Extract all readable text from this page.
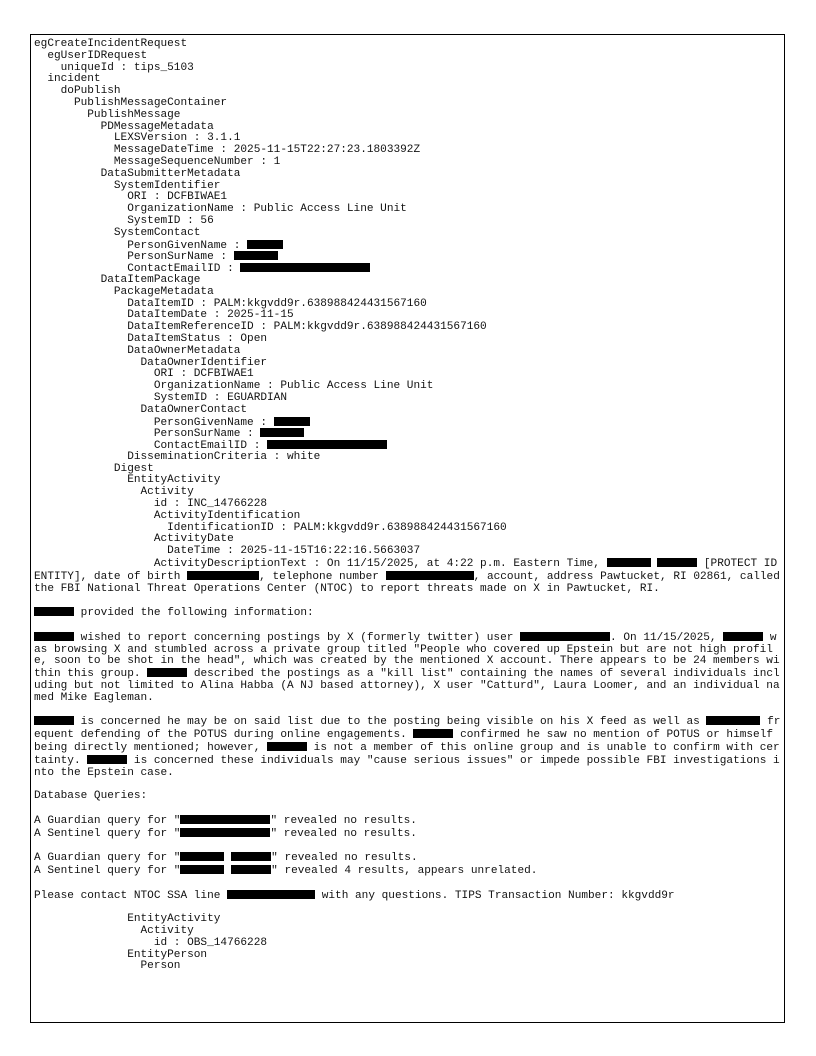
egCreateIncidentRequest
egUserIDRequest
uniqueId : tips_5103
incident
doPublish
PublishMessageContainer
PublishMessage
PDMessageMetadata
LEXSVersion : 3.1.1
MessageDateTime : 2025-11-15T22:27:23.1803392Z
MessageSequenceNumber : 1
DataSubmitterMetadata
SystemIdentifier
ORI : DCFBIWAE1
OrganizationName : Public Access Line Unit
SystemID : 56
SystemContact
PersonGivenName :
PersonSurName :
ContactEmailID :
DataItemPackage
PackageMetadata
DataItemID : PALM:kkgvdd9r.638988424431567160
DataItemDate : 2025-11-15
DataItemReferenceID : PALM:kkgvdd9r.638988424431567160
DataItemStatus : Open
DataOwnerMetadata
DataOwnerIdentifier
ORI : DCFBIWAE1
OrganizationName : Public Access Line Unit
SystemID : EGUARDIAN
DataOwnerContact
PersonGivenName :
PersonSurName :
ContactEmailID :
DisseminationCriteria : white
Digest
EntityActivity
Activity
id : INC_14766228
ActivityIdentification
IdentificationID : PALM:kkgvdd9r.638988424431567160
ActivityDate
DateTime : 2025-11-15T16:22:16.5663037
ActivityDescriptionText : On 11/15/2025, at 4:22 p.m. Eastern Time,	[PROTECT IDENTITY], date of birth	, telephone number	, account, address Pawtucket, RI 02861, called the FBI National Threat Operations Center (NTOC) to report threats made on X in Pawtucket, RI.
provided the following information:
wished to report concerning postings by X (formerly twitter) user	. On 11/15/2025,	was browsing X and stumbled across a private group titled "People who covered up Epstein but are not high profile, soon to be shot in the head", which was created by the mentioned X account. There appears to be 24 members within this group.	described the postings as a "kill list" containing the names of several individuals including but not limited to Alina Habba (A NJ based attorney), X user "Catturd", Laura Loomer, and an individual named Mike Eagleman.
is concerned he may be on said list due to the posting being visible on his X feed as well as	frequent defending of the POTUS during online engagements.	confirmed he saw no mention of POTUS or himself being directly mentioned; however,	is not a member of this online group and is unable to confirm with certainty.	is concerned these individuals may "cause serious issues" or impede possible FBI investigations into the Epstein case.
Database Queries:
A Guardian query for "	" revealed no results.
A Sentinel query for "	" revealed no results.
A Guardian query for "	" revealed no results.
A Sentinel query for "	" revealed 4 results, appears unrelated.
Please contact NTOC SSA line	with any questions. TIPS Transaction Number: kkgvdd9r
EntityActivity
Activity
id : OBS_14766228
EntityPerson
Person
